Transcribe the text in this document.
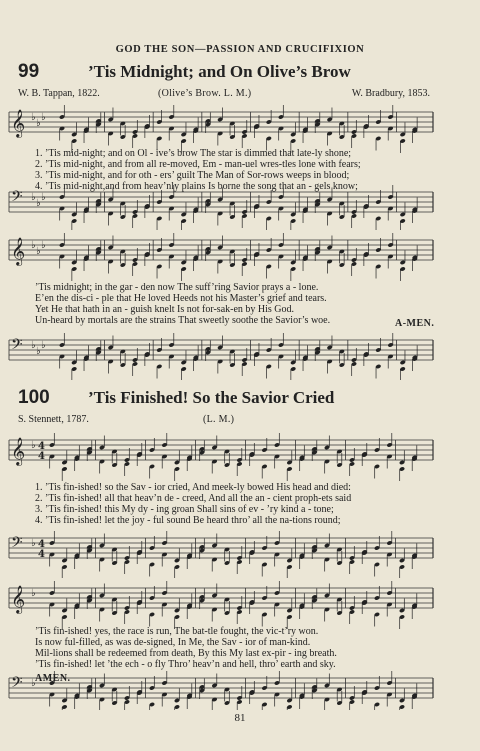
GOD THE SON—PASSION AND CRUCIFIXION
99	’Tis Midnight; and On Olive’s Brow
W. B. Tappan, 1822.	(Olive’s Brow. L. M.)	W. Bradbury, 1853.
𝄞 ♭
♭
♭
𝄢 ♭
♭
♭
1. ’Tis mid-night; and on Ol - ive’s brow The star is dimmed that late-ly shone;
2. ’Tis mid-night, and from all re-moved, Em - man-uel wres-tles lone with fears;
3. ’Tis mid-night, and for oth - ers’ guilt The Man of Sor-rows weeps in blood;
4. ’Tis mid-night,and from heav’nly plains Is borne the song that an - gels know;
𝄞 ♭
♭
♭
𝄢 ♭
♭
♭
’Tis midnight; in the gar - den now The suff’ring Savior prays a - lone.
E’en the dis-ci - ple that He loved Heeds not his Master’s grief and tears.
Yet He that hath in an - guish knelt Is not for-sak-en by His God.
Un-heard by mortals are the strains That sweetly soothe the Savior’s woe.	A-MEN.
100 ’Tis Finished! So the Savior Cried
S. Stennett, 1787.	(L. M.)
𝄞 ♭ 4
4
𝄢 ♭ 4
4
1. ’Tis fin-ished! so the Sav - ior cried, And meek-ly bowed His head and died:
2. ’Tis fin-ished! all that heav’n de - creed, And all the an - cient proph-ets said
3. ’Tis fin-ished! this My dy - ing groan Shall sins of ev - ’ry kind a - tone;
4. ’Tis fin-ished! let the joy - ful sound Be heard thro’ all the na-tions round;
𝄞 ♭
𝄢 ♭
’Tis fin-ished! yes, the race is run, The bat-tle fought, the vic-t’ry won.
Is now ful-filled, as was de-signed, In Me, the Sav - ior of man-kind.
Mil-lions shall be redeemed from death, By this My last ex-pir - ing breath.
’Tis fin-ished! let ’the ech - o fly Thro’ heav’n and hell, thro’ earth and sky.AMEN.
81
